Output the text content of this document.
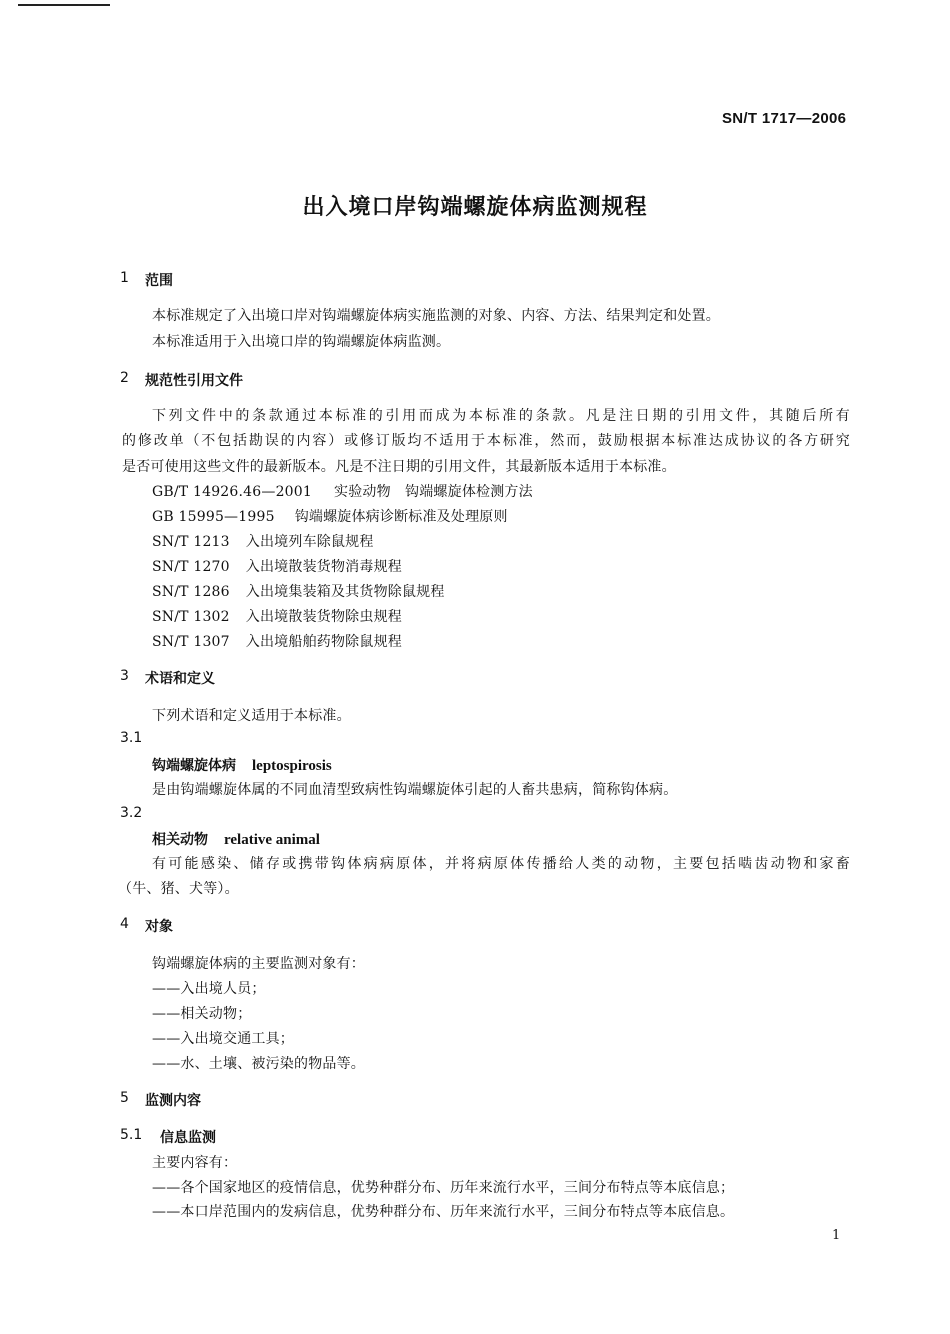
SN/T 1717—2006
出入境口岸钩端螺旋体病监测规程
1 范围
本标准规定了入出境口岸对钩端螺旋体病实施监测的对象、内容、方法、结果判定和处置。
本标准适用于入出境口岸的钩端螺旋体病监测。
2 规范性引用文件
下列文件中的条款通过本标准的引用而成为本标准的条款。凡是注日期的引用文件，其随后所有
的修改单（不包括勘误的内容）或修订版均不适用于本标准，然而，鼓励根据本标准达成协议的各方研究
是否可使用这些文件的最新版本。凡是不注日期的引用文件，其最新版本适用于本标准。
GB/T 14926.46—2001 实验动物　钩端螺旋体检测方法
GB 15995—1995 钩端螺旋体病诊断标准及处理原则
SN/T 1213 入出境列车除鼠规程
SN/T 1270 入出境散装货物消毒规程
SN/T 1286 入出境集装箱及其货物除鼠规程
SN/T 1302 入出境散装货物除虫规程
SN/T 1307 入出境船舶药物除鼠规程
3 术语和定义
下列术语和定义适用于本标准。
3.1
钩端螺旋体病 leptospirosis
是由钩端螺旋体属的不同血清型致病性钩端螺旋体引起的人畜共患病，简称钩体病。
3.2
相关动物 relative animal
有可能感染、储存或携带钩体病病原体，并将病原体传播给人类的动物，主要包括啮齿动物和家畜
（牛、猪、犬等）。
4 对象
钩端螺旋体病的主要监测对象有：
——入出境人员；
——相关动物；
——入出境交通工具；
——水、土壤、被污染的物品等。
5 监测内容
5.1 信息监测
主要内容有：
——各个国家地区的疫情信息，优势种群分布、历年来流行水平，三间分布特点等本底信息；
——本口岸范围内的发病信息，优势种群分布、历年来流行水平，三间分布特点等本底信息。
1
